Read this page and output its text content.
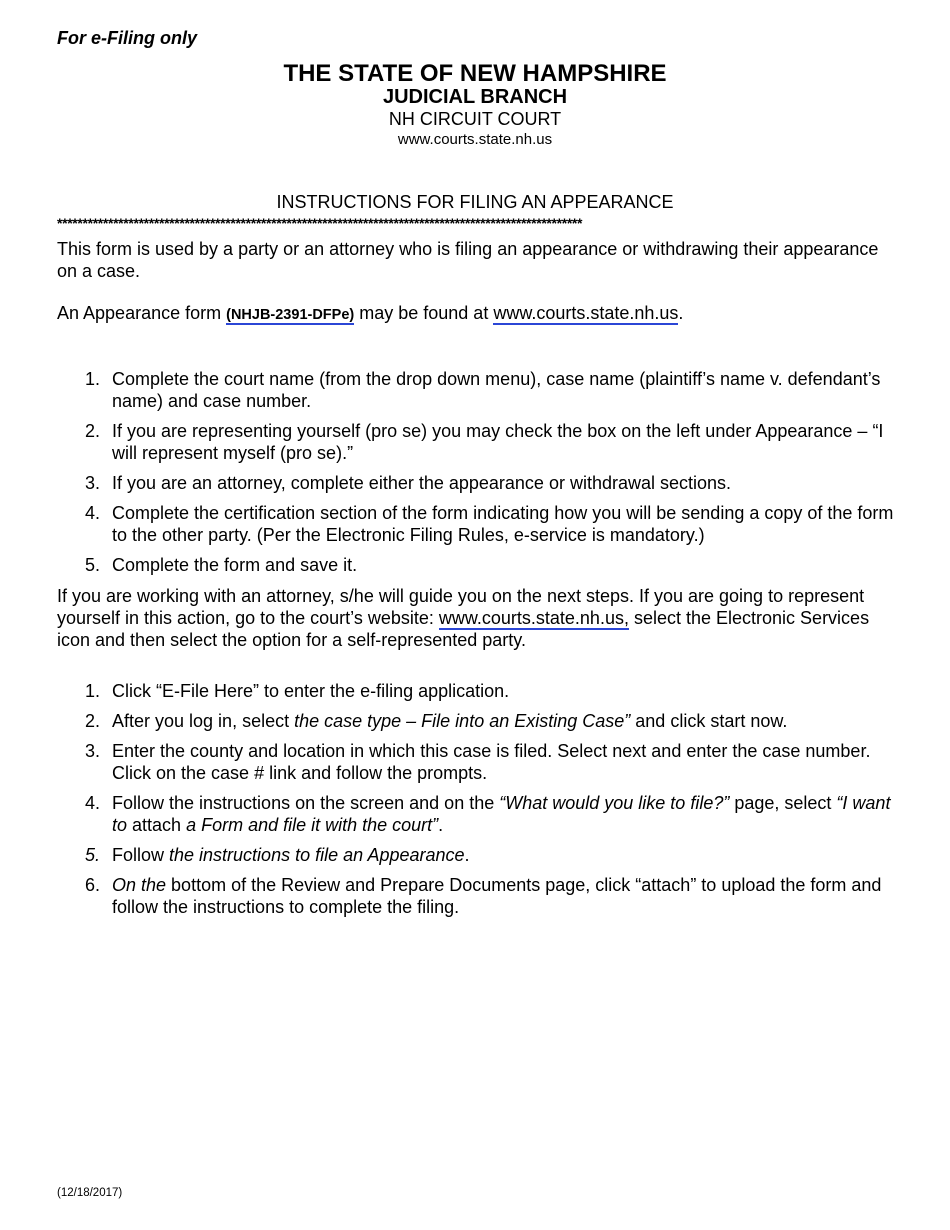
For e-Filing only
THE STATE OF NEW HAMPSHIRE
JUDICIAL BRANCH
NH CIRCUIT COURT
www.courts.state.nh.us
INSTRUCTIONS FOR FILING AN APPEARANCE
*******************************************************************************************************
This form is used by a party or an attorney who is filing an appearance or withdrawing their appearance on a case.
An Appearance form (NHJB-2391-DFPe) may be found at www.courts.state.nh.us.
1. Complete the court name (from the drop down menu), case name (plaintiff’s name v. defendant’s name) and case number.
2. If you are representing yourself (pro se) you may check the box on the left under Appearance – “I will represent myself (pro se).”
3. If you are an attorney, complete either the appearance or withdrawal sections.
4. Complete the certification section of the form indicating how you will be sending a copy of the form to the other party. (Per the Electronic Filing Rules, e-service is mandatory.)
5. Complete the form and save it.
If you are working with an attorney, s/he will guide you on the next steps. If you are going to represent yourself in this action, go to the court’s website: www.courts.state.nh.us, select the Electronic Services icon and then select the option for a self-represented party.
1. Click “E-File Here” to enter the e-filing application.
2. After you log in, select the case type – File into an Existing Case” and click start now.
3. Enter the county and location in which this case is filed. Select next and enter the case number. Click on the case # link and follow the prompts.
4. Follow the instructions on the screen and on the “What would you like to file?” page, select “I want to attach a Form and file it with the court”.
5. Follow the instructions to file an Appearance.
6. On the bottom of the Review and Prepare Documents page, click “attach” to upload the form and follow the instructions to complete the filing.
(12/18/2017)
